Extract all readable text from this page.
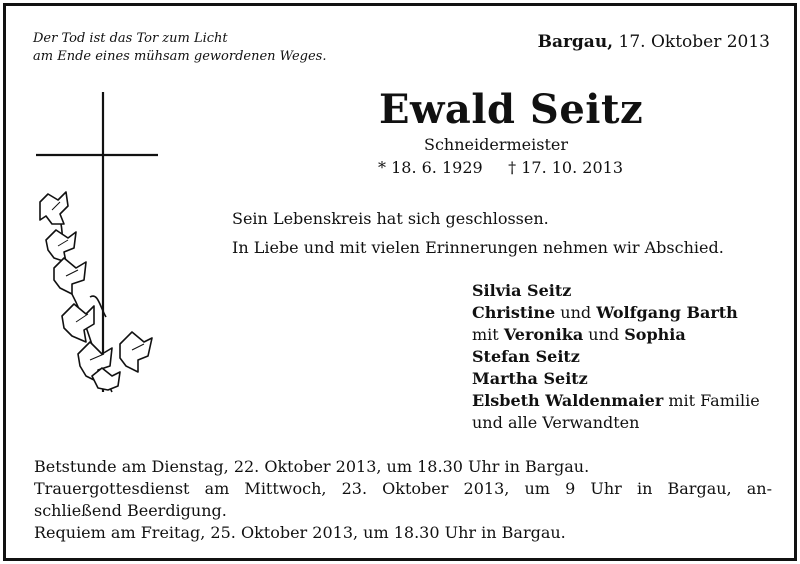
Der Tod ist das Tor zum Licht
am Ende eines mühsam gewordenen Weges.
Bargau, 17. Oktober 2013
Ewald Seitz
Schneidermeister
* 18. 6. 1929 † 17. 10. 2013
Sein Lebenskreis hat sich geschlossen.
In Liebe und mit vielen Erinnerungen nehmen wir Abschied.
Silvia Seitz
Christine und Wolfgang Barth
mit Veronika und Sophia
Stefan Seitz
Martha Seitz
Elsbeth Waldenmaier mit Familie
und alle Verwandten
Betstunde am Dienstag, 22. Oktober 2013, um 18.30 Uhr in Bargau.
Trauergottesdienst am Mittwoch, 23. Oktober 2013, um 9 Uhr in Bargau, an-
schließend Beerdigung.
Requiem am Freitag, 25. Oktober 2013, um 18.30 Uhr in Bargau.
